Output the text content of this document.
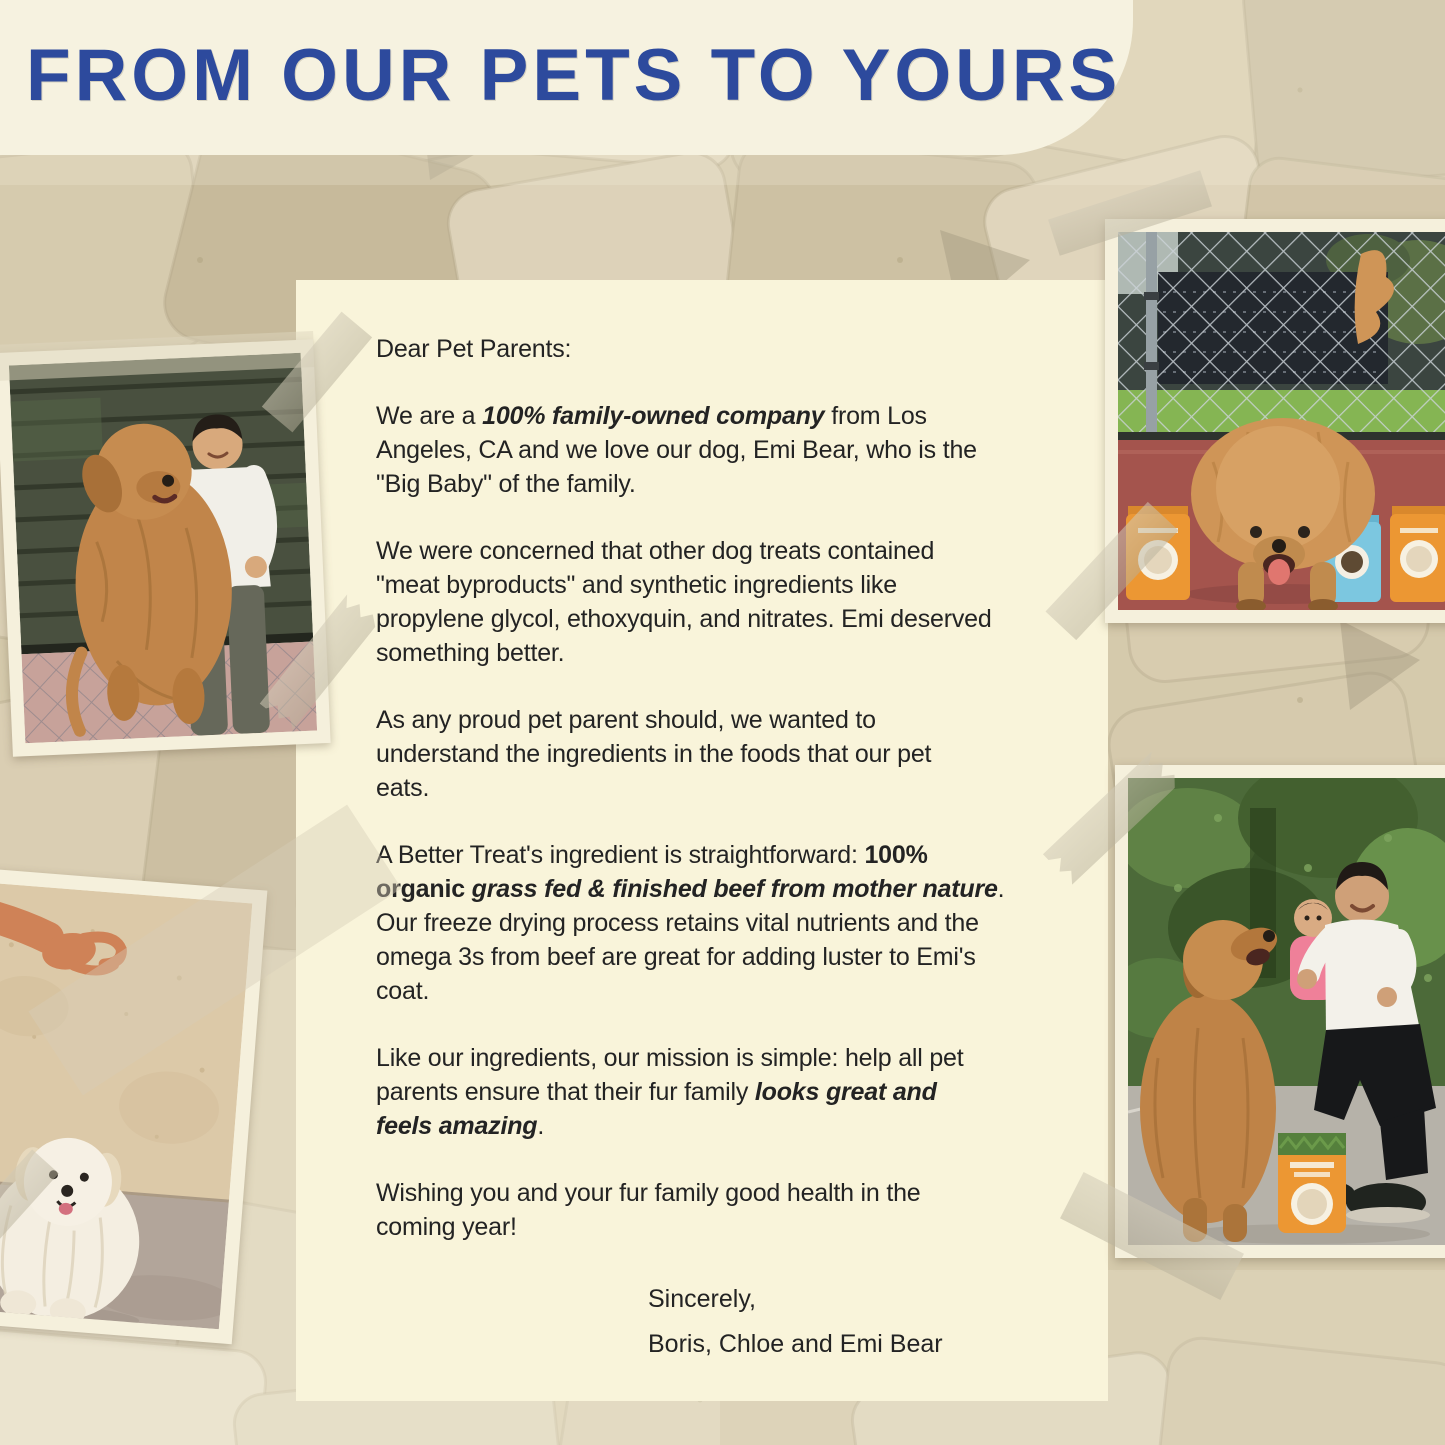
Dear Pet Parents:

We are a 100% family-owned company from Los
Angeles, CA and we love our dog, Emi Bear, who is the
"Big Baby" of the family.

We were concerned that other dog treats contained
"meat byproducts" and synthetic ingredients like
propylene glycol, ethoxyquin, and nitrates. Emi deserved
something better.

As any proud pet parent should, we wanted to
understand the ingredients in the foods that our pet
eats.

A Better Treat's ingredient is straightforward: 100%
organic grass fed & finished beef from mother nature.
Our freeze drying process retains vital nutrients and the
omega 3s from beef are great for adding luster to Emi's
coat.

Like our ingredients, our mission is simple: help all pet
parents ensure that their fur family looks great and
feels amazing.

Wishing you and your fur family good health in the
coming year!

Sincerely,
Boris, Chloe and Emi Bear
FROM OUR PETS TO YOURS
